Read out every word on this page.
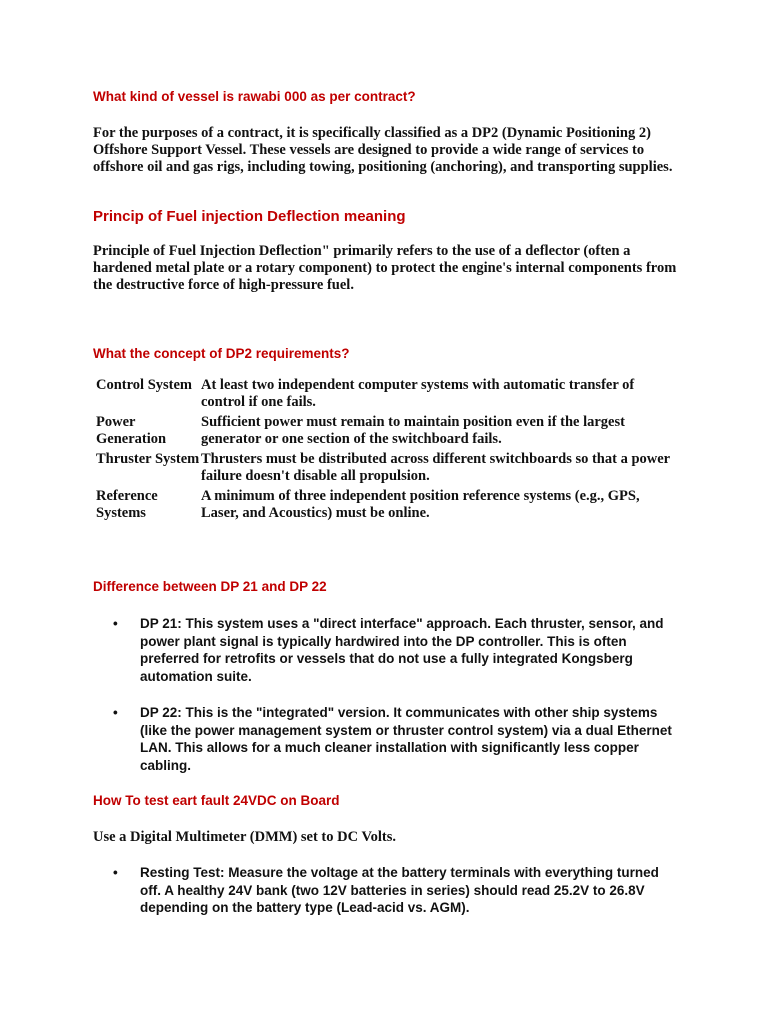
What kind of vessel is rawabi 000 as per contract?

For the purposes of a contract, it is specifically classified as a DP2 (Dynamic Positioning 2) Offshore Support Vessel. These vessels are designed to provide a wide range of services to offshore oil and gas rigs, including towing, positioning (anchoring), and transporting supplies.

Princip of Fuel injection Deflection meaning

Principle of Fuel Injection Deflection" primarily refers to the use of a deflector (often a hardened metal plate or a rotary component) to protect the engine's internal components from the destructive force of high-pressure fuel.

What the concept of DP2 requirements?
Control System	At least two independent computer systems with automatic transfer of control if one fails.
Power Generation	Sufficient power must remain to maintain position even if the largest generator or one section of the switchboard fails.
Thruster System	Thrusters must be distributed across different switchboards so that a power failure doesn't disable all propulsion.
Reference Systems	A minimum of three independent position reference systems (e.g., GPS, Laser, and Acoustics) must be online.
Difference between DP 21 and DP 22
• DP 21: This system uses a "direct interface" approach. Each thruster, sensor, and power plant signal is typically hardwired into the DP controller. This is often preferred for retrofits or vessels that do not use a fully integrated Kongsberg automation suite.
• DP 22: This is the "integrated" version. It communicates with other ship systems (like the power management system or thruster control system) via a dual Ethernet LAN. This allows for a much cleaner installation with significantly less copper cabling.
How To test eart fault 24VDC on Board

Use a Digital Multimeter (DMM) set to DC Volts.

• Resting Test: Measure the voltage at the battery terminals with everything turned off. A healthy 24V bank (two 12V batteries in series) should read 25.2V to 26.8V depending on the battery type (Lead-acid vs. AGM).
